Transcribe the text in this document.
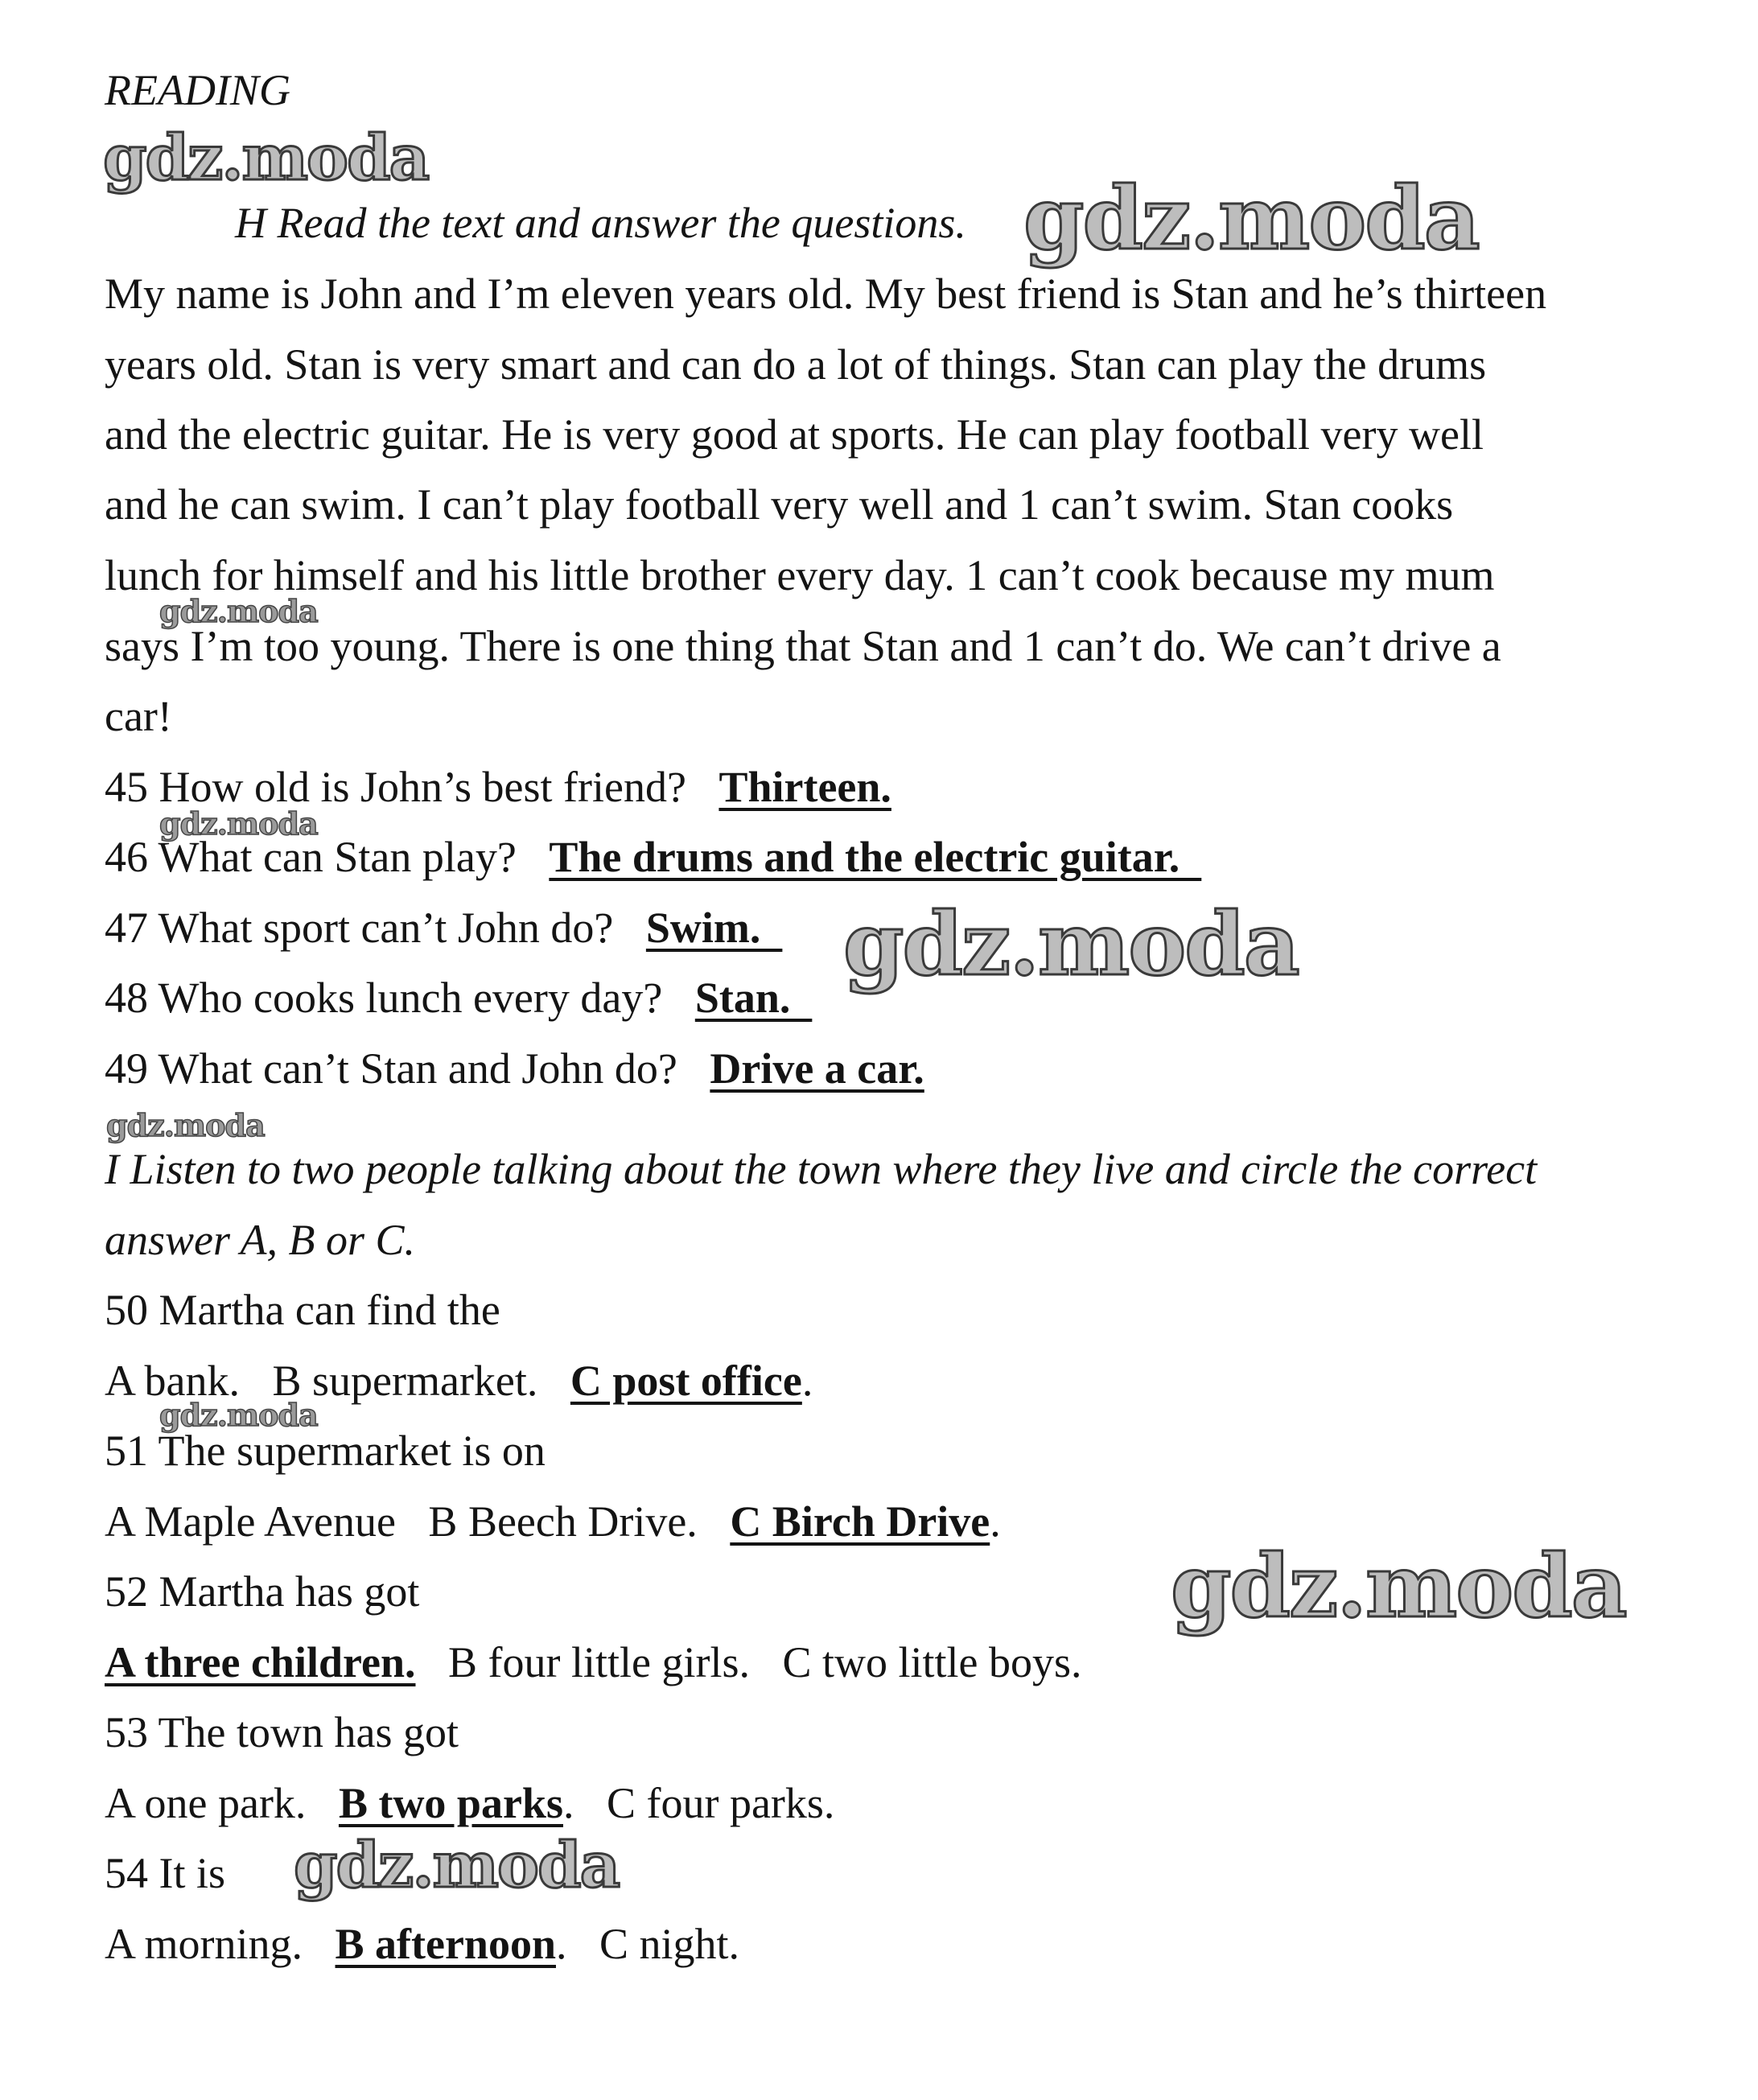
READING
H Read the text and answer the questions.
My name is John and I’m eleven years old. My best friend is Stan and he’s thirteen
years old. Stan is very smart and can do a lot of things. Stan can play the drums
and the electric guitar. He is very good at sports. He can play football very well
and he can swim. I can’t play football very well and 1 can’t swim. Stan cooks
lunch for himself and his little brother every day. 1 can’t cook because my mum
says I’m too young. There is one thing that Stan and 1 can’t do. We can’t drive a
car!
45 How old is John’s best friend? Thirteen.
46 What can Stan play? The drums and the electric guitar.
47 What sport can’t John do? Swim.
48 Who cooks lunch every day? Stan.
49 What can’t Stan and John do? Drive a car.
I Listen to two people talking about the town where they live and circle the correct
answer A, B or C.
50 Martha can find the
A bank. B supermarket. C post office.
51 The supermarket is on
A Maple Avenue B Beech Drive. C Birch Drive.
52 Martha has got
A three children. B four little girls. C two little boys.
53 The town has got
A one park. B two parks. C four parks.
54 It is
A morning. B afternoon. C night.
gdz.moda
gdz.moda
gdz.moda
gdz.moda
gdz.moda
gdz.moda
gdz.moda
gdz.moda
gdz.moda
